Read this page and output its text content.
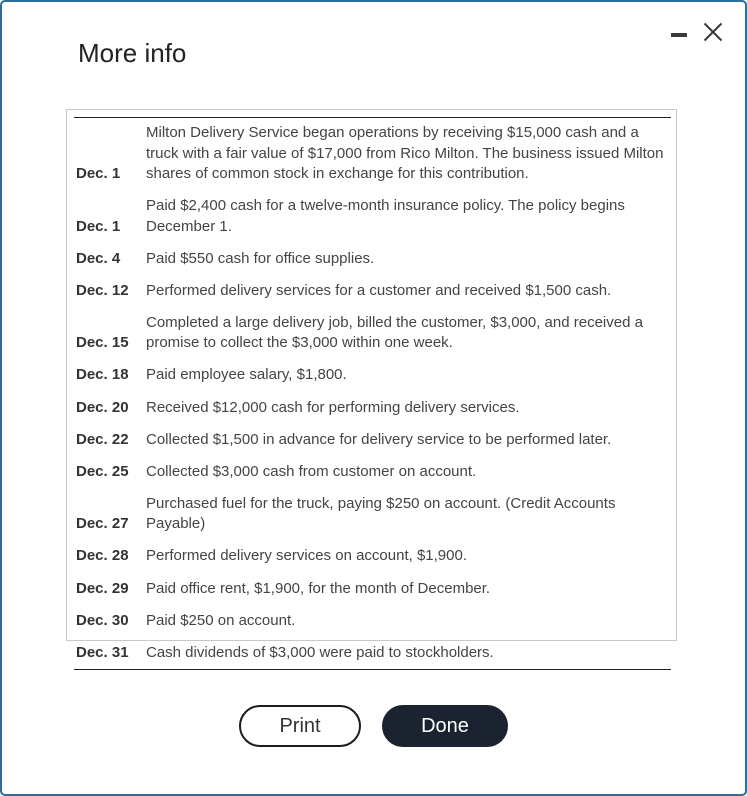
More info
Dec. 1	Milton Delivery Service began operations by receiving $15,000 cash and a truck with a fair value of $17,000 from Rico Milton. The business issued Milton shares of common stock in exchange for this contribution.
Dec. 1	Paid $2,400 cash for a twelve-month insurance policy. The policy begins December 1.
Dec. 4	Paid $550 cash for office supplies.
Dec. 12	Performed delivery services for a customer and received $1,500 cash.
Dec. 15	Completed a large delivery job, billed the customer, $3,000, and received a promise to collect the $3,000 within one week.
Dec. 18	Paid employee salary, $1,800.
Dec. 20	Received $12,000 cash for performing delivery services.
Dec. 22	Collected $1,500 in advance for delivery service to be performed later.
Dec. 25	Collected $3,000 cash from customer on account.
Dec. 27	Purchased fuel for the truck, paying $250 on account. (Credit Accounts Payable)
Dec. 28	Performed delivery services on account, $1,900.
Dec. 29	Paid office rent, $1,900, for the month of December.
Dec. 30	Paid $250 on account.
Dec. 31	Cash dividends of $3,000 were paid to stockholders.
Print	Done
